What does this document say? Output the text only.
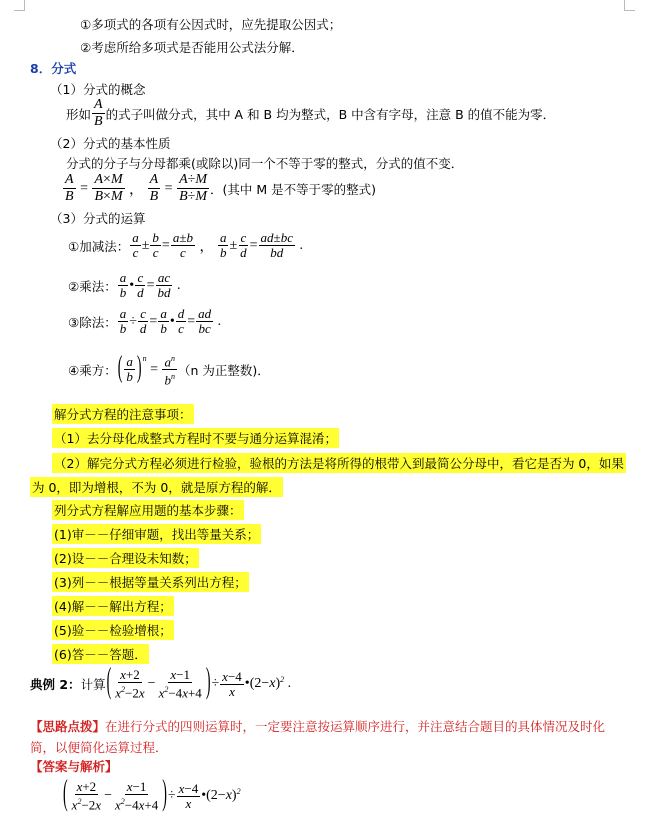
①多项式的各项有公因式时，应先提取公因式；
②考虑所给多项式是否能用公式法分解．
8．分式
（1）分式的概念
形如 $\frac{A}{B}$ 的式子叫做分式，其中 A 和 B 均为整式，B 中含有字母，注意 B 的值不能为零．
（2）分式的基本性质
分式的分子与分母都乘(或除以)同一个不等于零的整式，分式的值不变．
$\frac{A}{B} = \frac{A\times M}{B\times M}$ ， $\frac{A}{B} = \frac{A\div M}{B\div M}$ ．(其中 M 是不等于零的整式)
（3）分式的运算
①加减法： $\frac{a}{c} \pm \frac{b}{c} = \frac{a\pm b}{c}$ ， $\frac{a}{b} \pm \frac{c}{d} = \frac{ad\pm bc}{bd}$ .
②乘法： $\frac{a}{b}$ • $\frac{c}{d} = \frac{ac}{bd}$ .
③除法： $\frac{a}{b} \div \frac{c}{d} = \frac{a}{b}$ • $\frac{d}{c} = \frac{ad}{bc}$ .
④乘方： ( $\frac{a}{b} )^n$
= $\frac{a^n}{b^n} (n$ 为正整数)．
解分式方程的注意事项：
（1）去分母化成整式方程时不要与通分运算混淆；
（2）解完分式方程必须进行检验，验根的方法是将所得的根带入到最简公分母中，看它是否为 0，如果
为 0，即为增根，不为 0，就是原方程的解．
列分式方程解应用题的基本步骤：
(1)审－－仔细审题，找出等量关系；
(2)设－－合理设未知数；
(3)列－－根据等量关系列出方程；
(4)解－－解出方程；
(5)验－－检验增根；
(6)答－－答题．
典例 2： 计算 ( $\frac{x+2}{x^2-2x} - \frac{x-1}{x^2-4x+4}$ ) ÷ $\frac{x-4}{x}$ •(2− x )$^2$ .
【思路点拨】在进行分式的四则运算时，一定要注意按运算顺序进行，并注意结合题目的具体情况及时化
简，以便简化运算过程．
【答案与解析】
( $\frac{x+2}{x^2-2x} - \frac{x-1}{x^2-4x+4}$ ) ÷ $\frac{x-4}{x}$ •(2− x )$^2$
